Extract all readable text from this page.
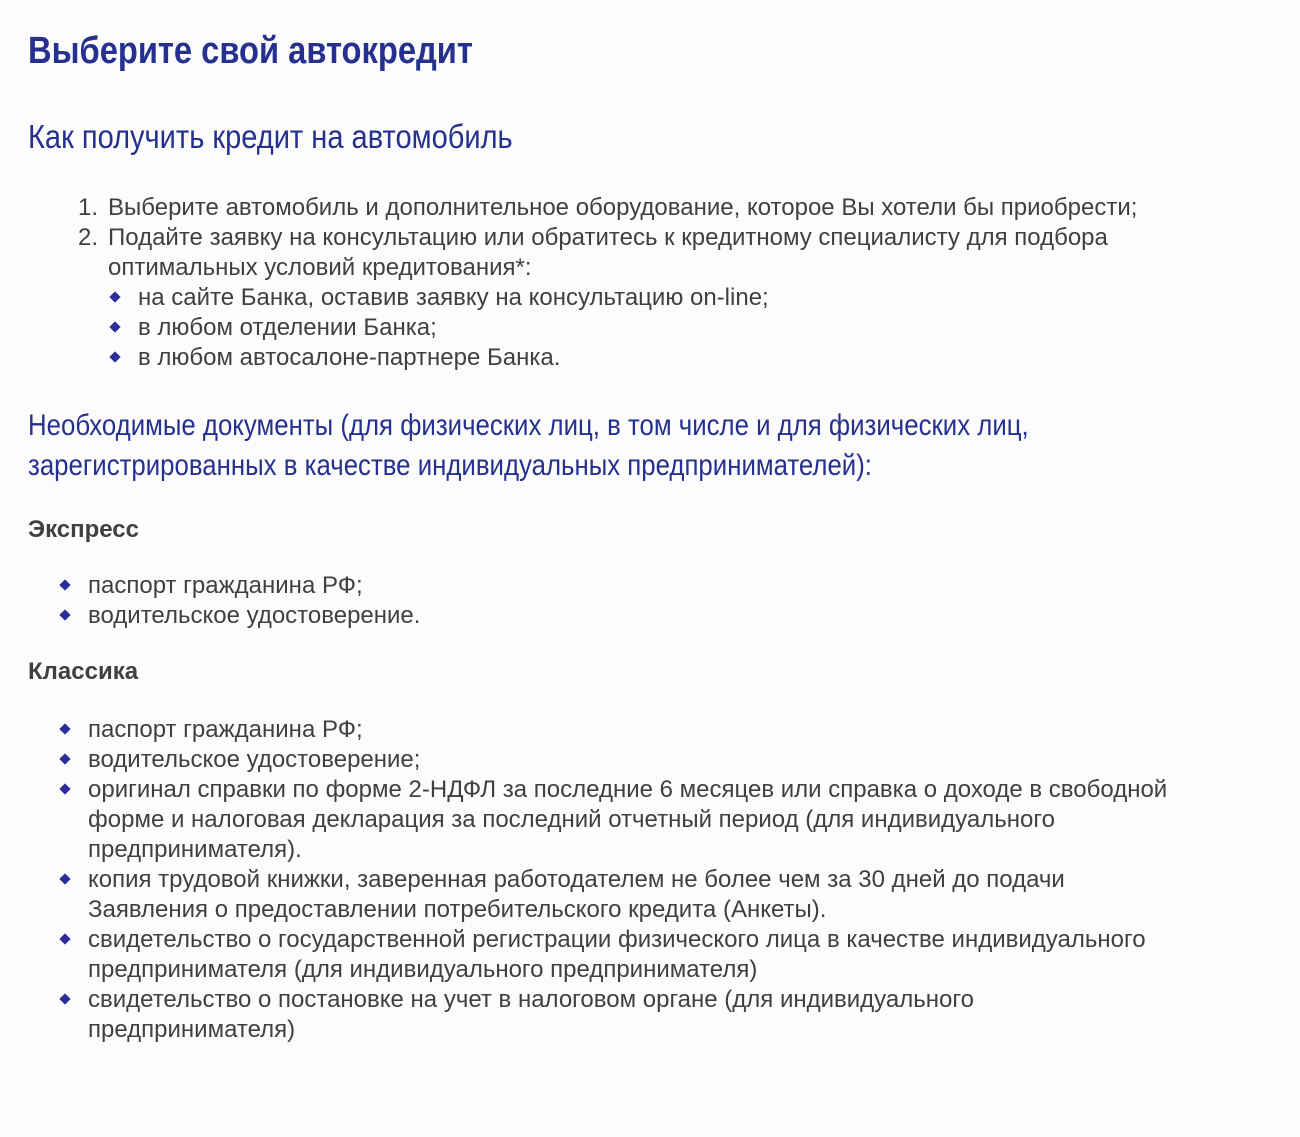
Выберите свой автокредит
Как получить кредит на автомобиль
1. Выберите автомобиль и дополнительное оборудование, которое Вы хотели бы приобрести;
2. Подайте заявку на консультацию или обратитесь к кредитному специалисту для подбора оптимальных условий кредитования*:
на сайте Банка, оставив заявку на консультацию on-line;
в любом отделении Банка;
в любом автосалоне-партнере Банка.
Необходимые документы (для физических лиц, в том числе и для физических лиц,
зарегистрированных в качестве индивидуальных предпринимателей):
Экспресс
паспорт гражданина РФ;
водительское удостоверение.
Классика
паспорт гражданина РФ;
водительское удостоверение;
оригинал справки по форме 2-НДФЛ за последние 6 месяцев или справка о доходе в свободной форме и налоговая декларация за последний отчетный период (для индивидуального предпринимателя).
копия трудовой книжки, заверенная работодателем не более чем за 30 дней до подачи Заявления о предоставлении потребительского кредита (Анкеты).
свидетельство о государственной регистрации физического лица в качестве индивидуального предпринимателя (для индивидуального предпринимателя)
свидетельство о постановке на учет в налоговом органе (для индивидуального предпринимателя)
